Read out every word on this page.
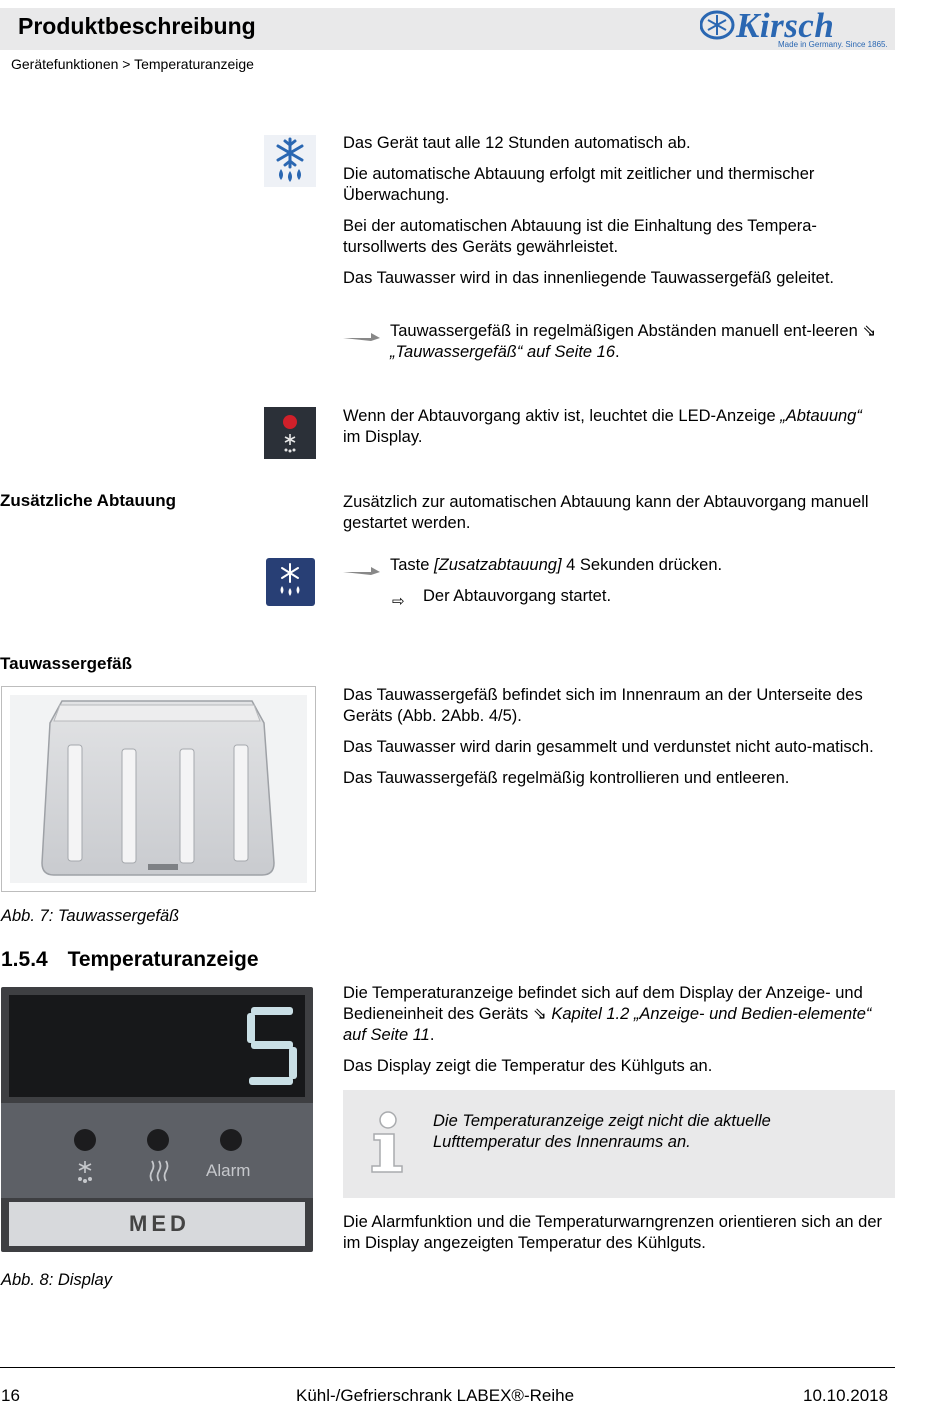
Produktbeschreibung	Kirsch
Made in Germany. Since 1865.
Gerätefunktionen > Temperaturanzeige

Das Gerät taut alle 12 Stunden automatisch ab.

Die automatische Abtauung erfolgt mit zeitlicher und thermischer Überwachung.

Bei der automatischen Abtauung ist die Einhaltung des Tempera-tursollwerts des Geräts gewährleistet.

Das Tauwasser wird in das innenliegende Tauwassergefäß geleitet.

Tauwassergefäß in regelmäßigen Abständen manuell ent-leeren ⇘ „Tauwassergefäß“ auf Seite 16.
Wenn der Abtauvorgang aktiv ist, leuchtet die LED-Anzeige „Abtauung“ im Display.
Zusätzliche Abtauung	Zusätzlich zur automatischen Abtauung kann der Abtauvorgang manuell gestartet werden.
Taste [Zusatzabtauung] 4 Sekunden drücken.
⇨ Der Abtauvorgang startet.
Tauwassergefäß

Das Tauwassergefäß befindet sich im Innenraum an der Unterseite des Geräts (Abb. 2Abb. 4/5).

Das Tauwasser wird darin gesammelt und verdunstet nicht auto-matisch.

Das Tauwassergefäß regelmäßig kontrollieren und entleeren.

Abb. 7: Tauwassergefäß
1.5.4 Temperaturanzeige
Alarm
MED
Die Temperaturanzeige befindet sich auf dem Display der Anzeige- und Bedieneinheit des Geräts ⇘ Kapitel 1.2 „Anzeige- und Bedien-elemente“ auf Seite 11.
Das Display zeigt die Temperatur des Kühlguts an.
Die Temperaturanzeige zeigt nicht die aktuelle Lufttemperatur des Innenraums an.
Die Alarmfunktion und die Temperaturwarngrenzen orientieren sich an der im Display angezeigten Temperatur des Kühlguts.
Abb. 8: Display
16	Kühl-/Gefrierschrank LABEX®-Reihe	10.10.2018
